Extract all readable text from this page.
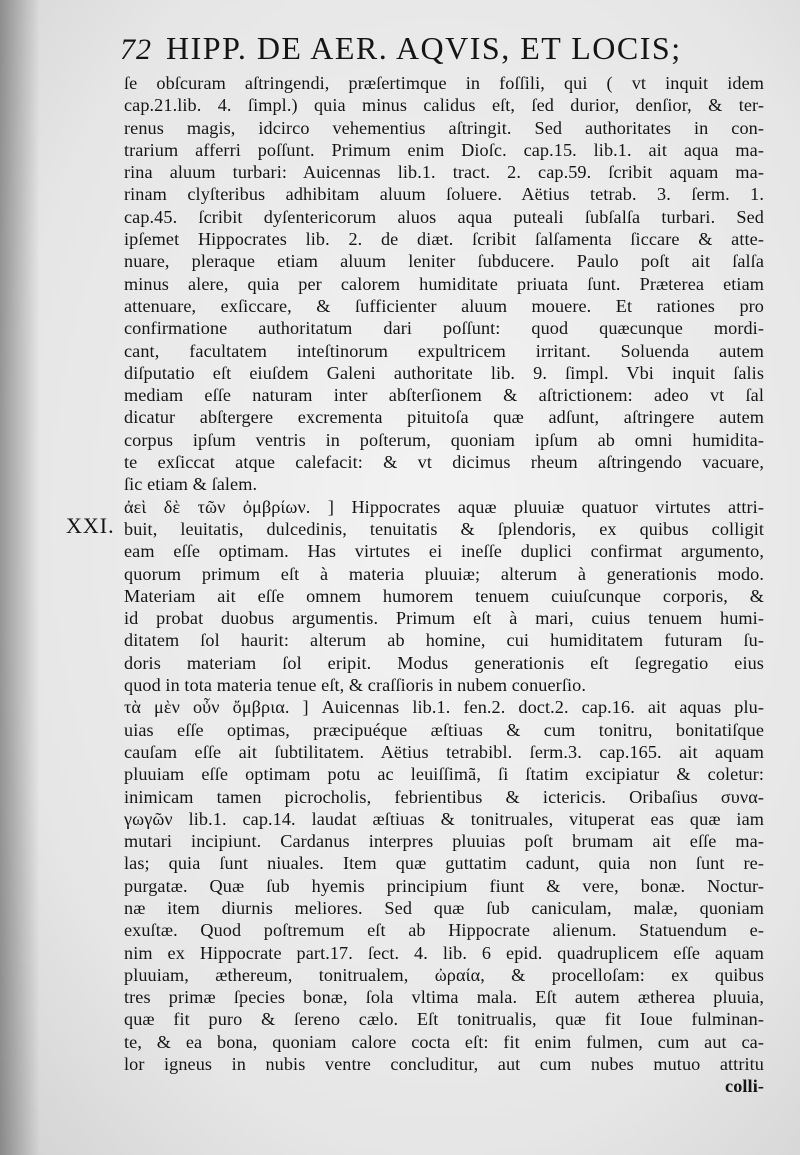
72 HIPP. DE AER. AQVIS, ET LOCIS;
XXI.
ſe obſcuram aſtringendi, præſertimque in foſſili, qui ( vt inquit idem
cap.21.lib. 4. ſimpl.) quia minus calidus eſt, ſed durior, denſior, & ter-
renus magis, idcirco vehementius aſtringit. Sed authoritates in con-
trarium afferri poſſunt. Primum enim Dioſc. cap.15. lib.1. ait aqua ma-
rina aluum turbari: Auicennas lib.1. tract. 2. cap.59. ſcribit aquam ma-
rinam clyſteribus adhibitam aluum ſoluere. Aëtius tetrab. 3. ſerm. 1.
cap.45. ſcribit dyſentericorum aluos aqua puteali ſubſalſa turbari. Sed
ipſemet Hippocrates lib. 2. de diæt. ſcribit ſalſamenta ſiccare & atte-
nuare, pleraque etiam aluum leniter ſubducere. Paulo poſt ait ſalſa
minus alere, quia per calorem humiditate priuata ſunt. Præterea etiam
attenuare, exſiccare, & ſufficienter aluum mouere. Et rationes pro
confirmatione authoritatum dari poſſunt: quod quæcunque mordi-
cant, facultatem inteſtinorum expultricem irritant. Soluenda autem
diſputatio eſt eiuſdem Galeni authoritate lib. 9. ſimpl. Vbi inquit ſalis
mediam eſſe naturam inter abſterſionem & aſtrictionem: adeo vt ſal
dicatur abſtergere excrementa pituitoſa quæ adſunt, aſtringere autem
corpus ipſum ventris in poſterum, quoniam ipſum ab omni humidita-
te exſiccat atque calefacit: & vt dicimus rheum aſtringendo vacuare,
ſic etiam & ſalem.
ἀεὶ δὲ τῶν ὀμβρίων. ] Hippocrates aquæ pluuiæ quatuor virtutes attri-
buit, leuitatis, dulcedinis, tenuitatis & ſplendoris, ex quibus colligit
eam eſſe optimam. Has virtutes ei ineſſe duplici confirmat argumento,
quorum primum eſt à materia pluuiæ; alterum à generationis modo.
Materiam ait eſſe omnem humorem tenuem cuiuſcunque corporis, &
id probat duobus argumentis. Primum eſt à mari, cuius tenuem humi-
ditatem ſol haurit: alterum ab homine, cui humiditatem futuram ſu-
doris materiam ſol eripit. Modus generationis eſt ſegregatio eius
quod in tota materia tenue eſt, & craſſioris in nubem conuerſio.
τὰ μὲν οὖν ὄμβρια. ] Auicennas lib.1. fen.2. doct.2. cap.16. ait aquas plu-
uias eſſe optimas, præcipuéque æſtiuas & cum tonitru, bonitatiſque
cauſam eſſe ait ſubtilitatem. Aëtius tetrabibl. ſerm.3. cap.165. ait aquam
pluuiam eſſe optimam potu ac leuiſſimã, ſi ſtatim excipiatur & coletur:
inimicam tamen picrocholis, febrientibus & ictericis. Oribaſius συνα-
γωγῶν lib.1. cap.14. laudat æſtiuas & tonitruales, vituperat eas quæ iam
mutari incipiunt. Cardanus interpres pluuias poſt brumam ait eſſe ma-
las; quia ſunt niuales. Item quæ guttatim cadunt, quia non ſunt re-
purgatæ. Quæ ſub hyemis principium fiunt & vere, bonæ. Noctur-
næ item diurnis meliores. Sed quæ ſub caniculam, malæ, quoniam
exuſtæ. Quod poſtremum eſt ab Hippocrate alienum. Statuendum e-
nim ex Hippocrate part.17. ſect. 4. lib. 6 epid. quadruplicem eſſe aquam
pluuiam, æthereum, tonitrualem, ὠραία, & procelloſam: ex quibus
tres primæ ſpecies bonæ, ſola vltima mala. Eſt autem ætherea pluuia,
quæ fit puro & ſereno cælo. Eſt tonitrualis, quæ fit Ioue fulminan-
te, & ea bona, quoniam calore cocta eſt: fit enim fulmen, cum aut ca-
lor igneus in nubis ventre concluditur, aut cum nubes mutuo attritu
colli-
